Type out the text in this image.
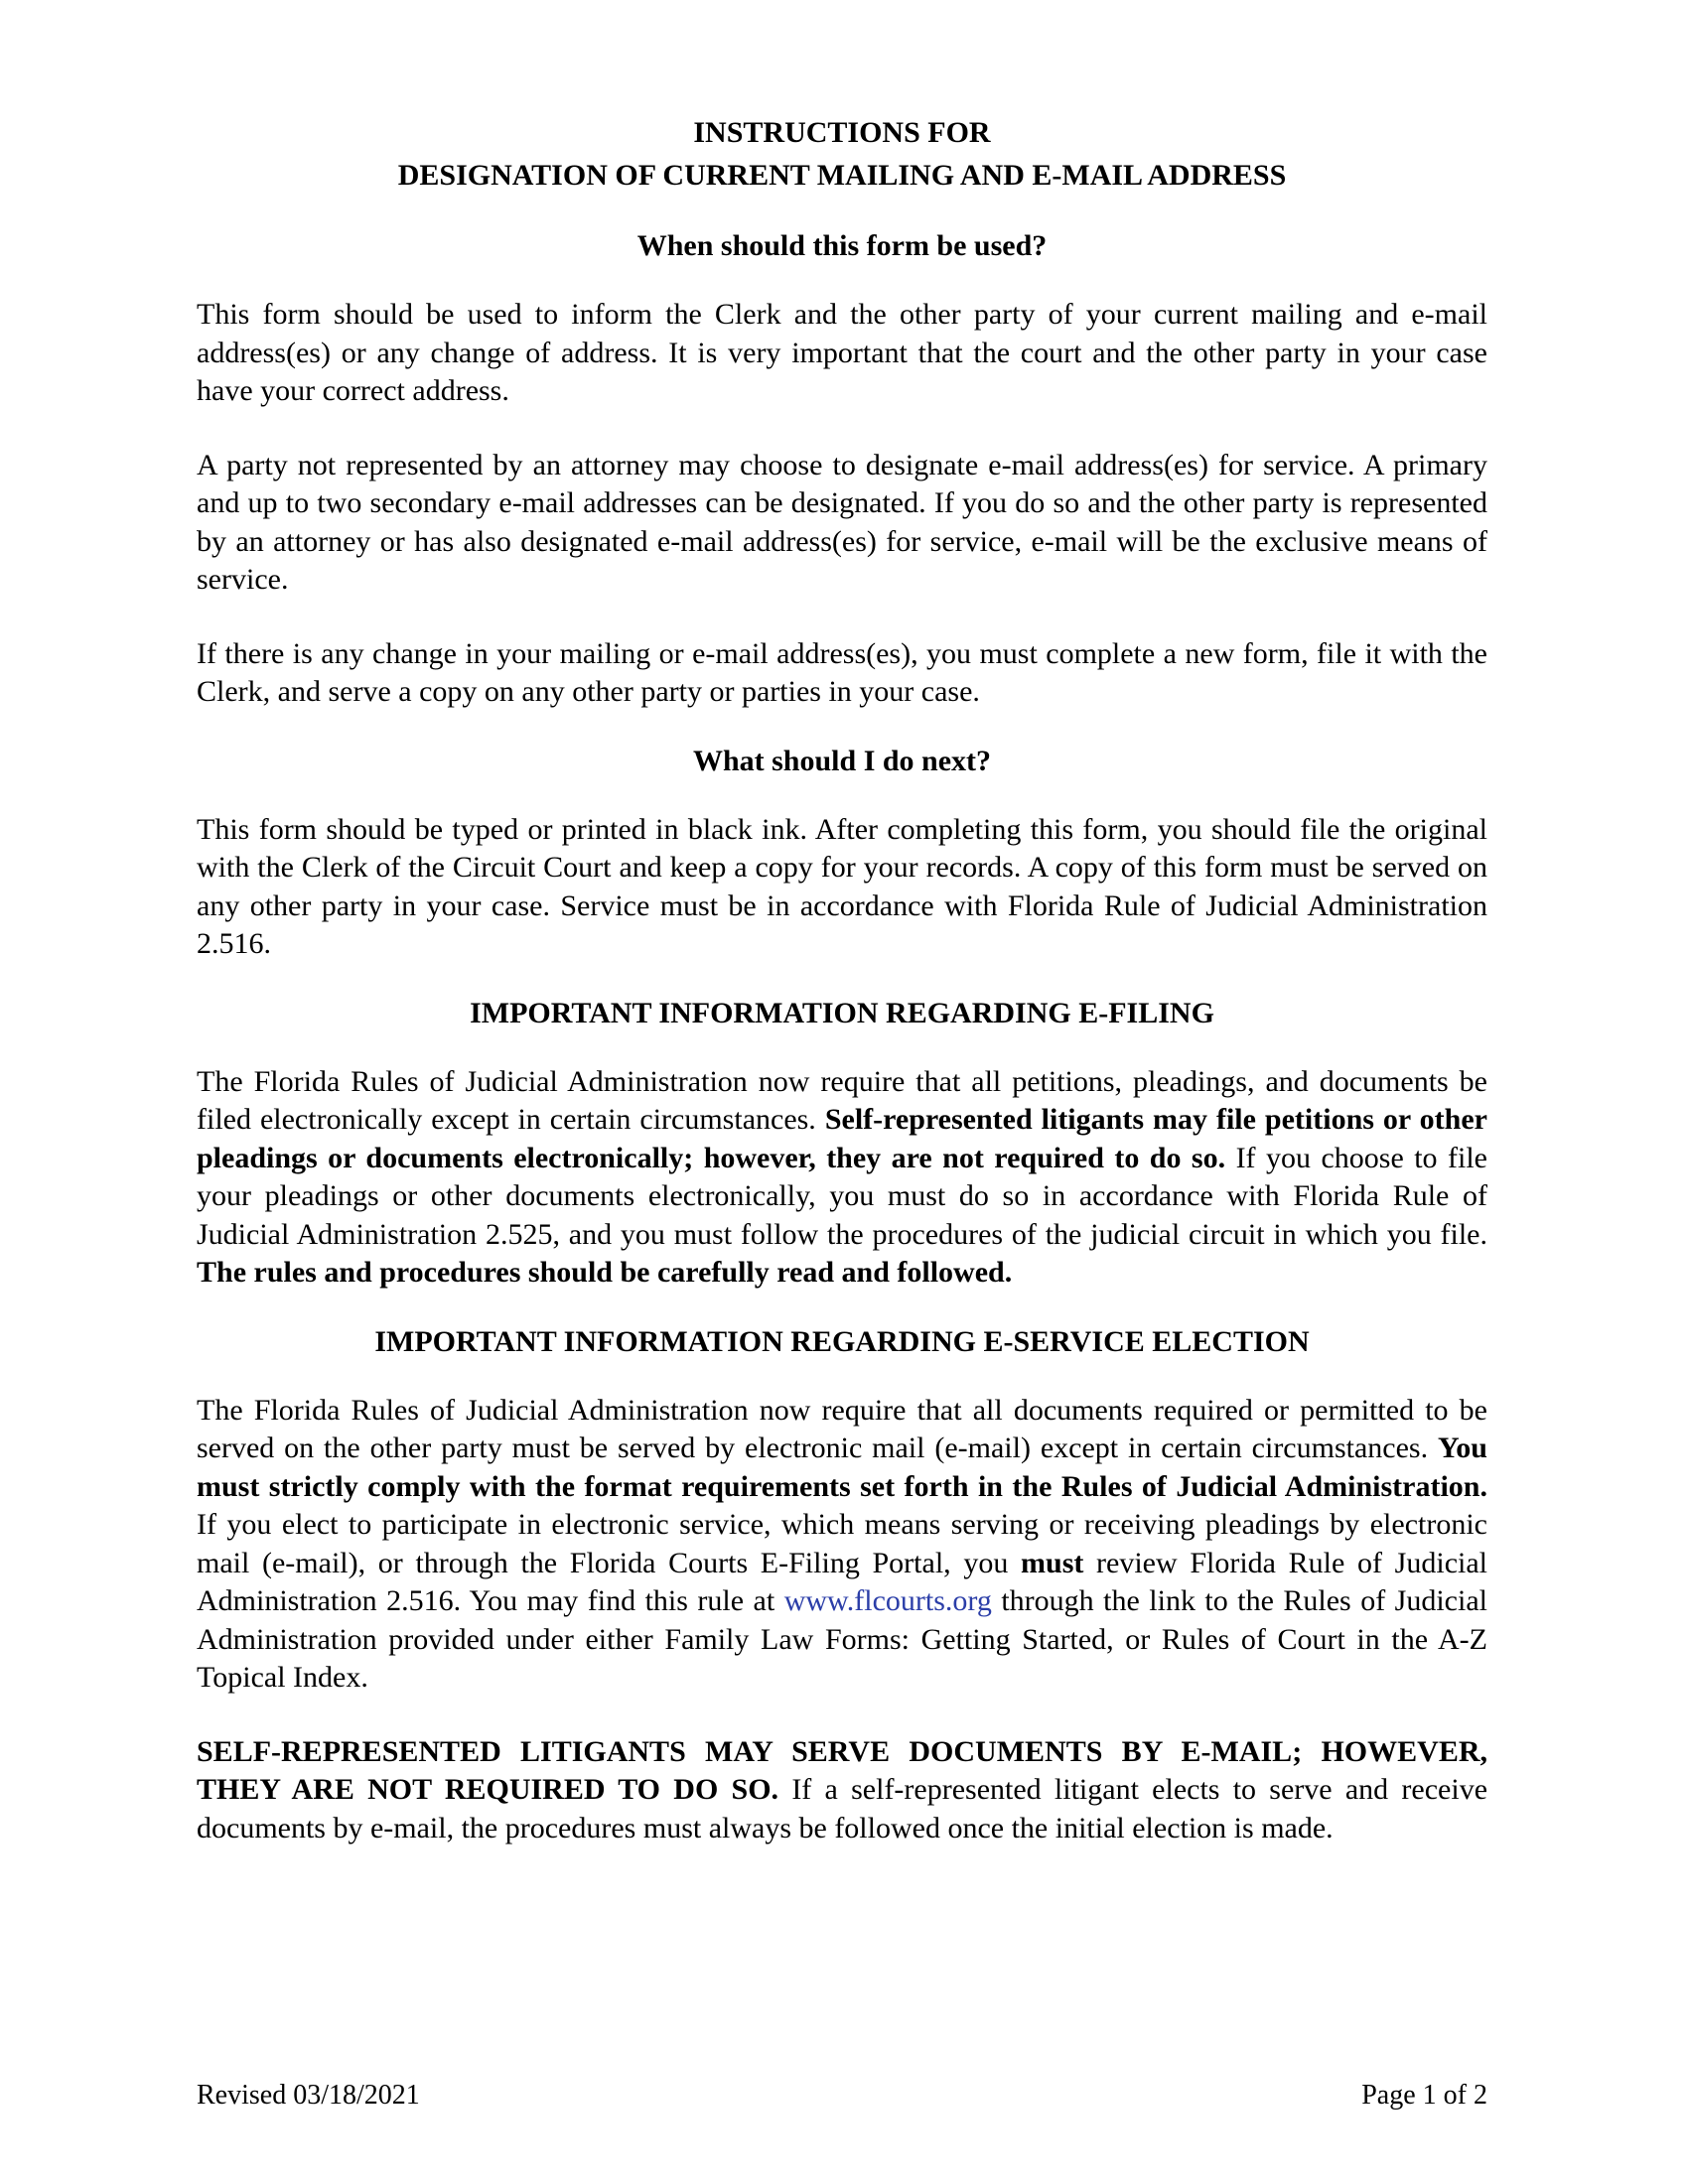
INSTRUCTIONS FOR

DESIGNATION OF CURRENT MAILING AND E-MAIL ADDRESS

When should this form be used?

This form should be used to inform the Clerk and the other party of your current mailing and e-mail address(es) or any change of address. It is very important that the court and the other party in your case have your correct address.

A party not represented by an attorney may choose to designate e-mail address(es) for service. A primary and up to two secondary e-mail addresses can be designated. If you do so and the other party is represented by an attorney or has also designated e-mail address(es) for service, e-mail will be the exclusive means of service.

If there is any change in your mailing or e-mail address(es), you must complete a new form, file it with the Clerk, and serve a copy on any other party or parties in your case.

What should I do next?

This form should be typed or printed in black ink. After completing this form, you should file the original with the Clerk of the Circuit Court and keep a copy for your records. A copy of this form must be served on any other party in your case. Service must be in accordance with Florida Rule of Judicial Administration 2.516.

IMPORTANT INFORMATION REGARDING E-FILING

The Florida Rules of Judicial Administration now require that all petitions, pleadings, and documents be filed electronically except in certain circumstances. Self-represented litigants may file petitions or other pleadings or documents electronically; however, they are not required to do so. If you choose to file your pleadings or other documents electronically, you must do so in accordance with Florida Rule of Judicial Administration 2.525, and you must follow the procedures of the judicial circuit in which you file. The rules and procedures should be carefully read and followed.

IMPORTANT INFORMATION REGARDING E-SERVICE ELECTION

The Florida Rules of Judicial Administration now require that all documents required or permitted to be served on the other party must be served by electronic mail (e-mail) except in certain circumstances. You must strictly comply with the format requirements set forth in the Rules of Judicial Administration. If you elect to participate in electronic service, which means serving or receiving pleadings by electronic mail (e-mail), or through the Florida Courts E-Filing Portal, you must review Florida Rule of Judicial Administration 2.516. You may find this rule at www.flcourts.org through the link to the Rules of Judicial Administration provided under either Family Law Forms: Getting Started, or Rules of Court in the A-Z Topical Index.

SELF-REPRESENTED LITIGANTS MAY SERVE DOCUMENTS BY E-MAIL; HOWEVER, THEY ARE NOT REQUIRED TO DO SO. If a self-represented litigant elects to serve and receive documents by e-mail, the procedures must always be followed once the initial election is made.

Revised 03/18/2021	Page 1 of 2
